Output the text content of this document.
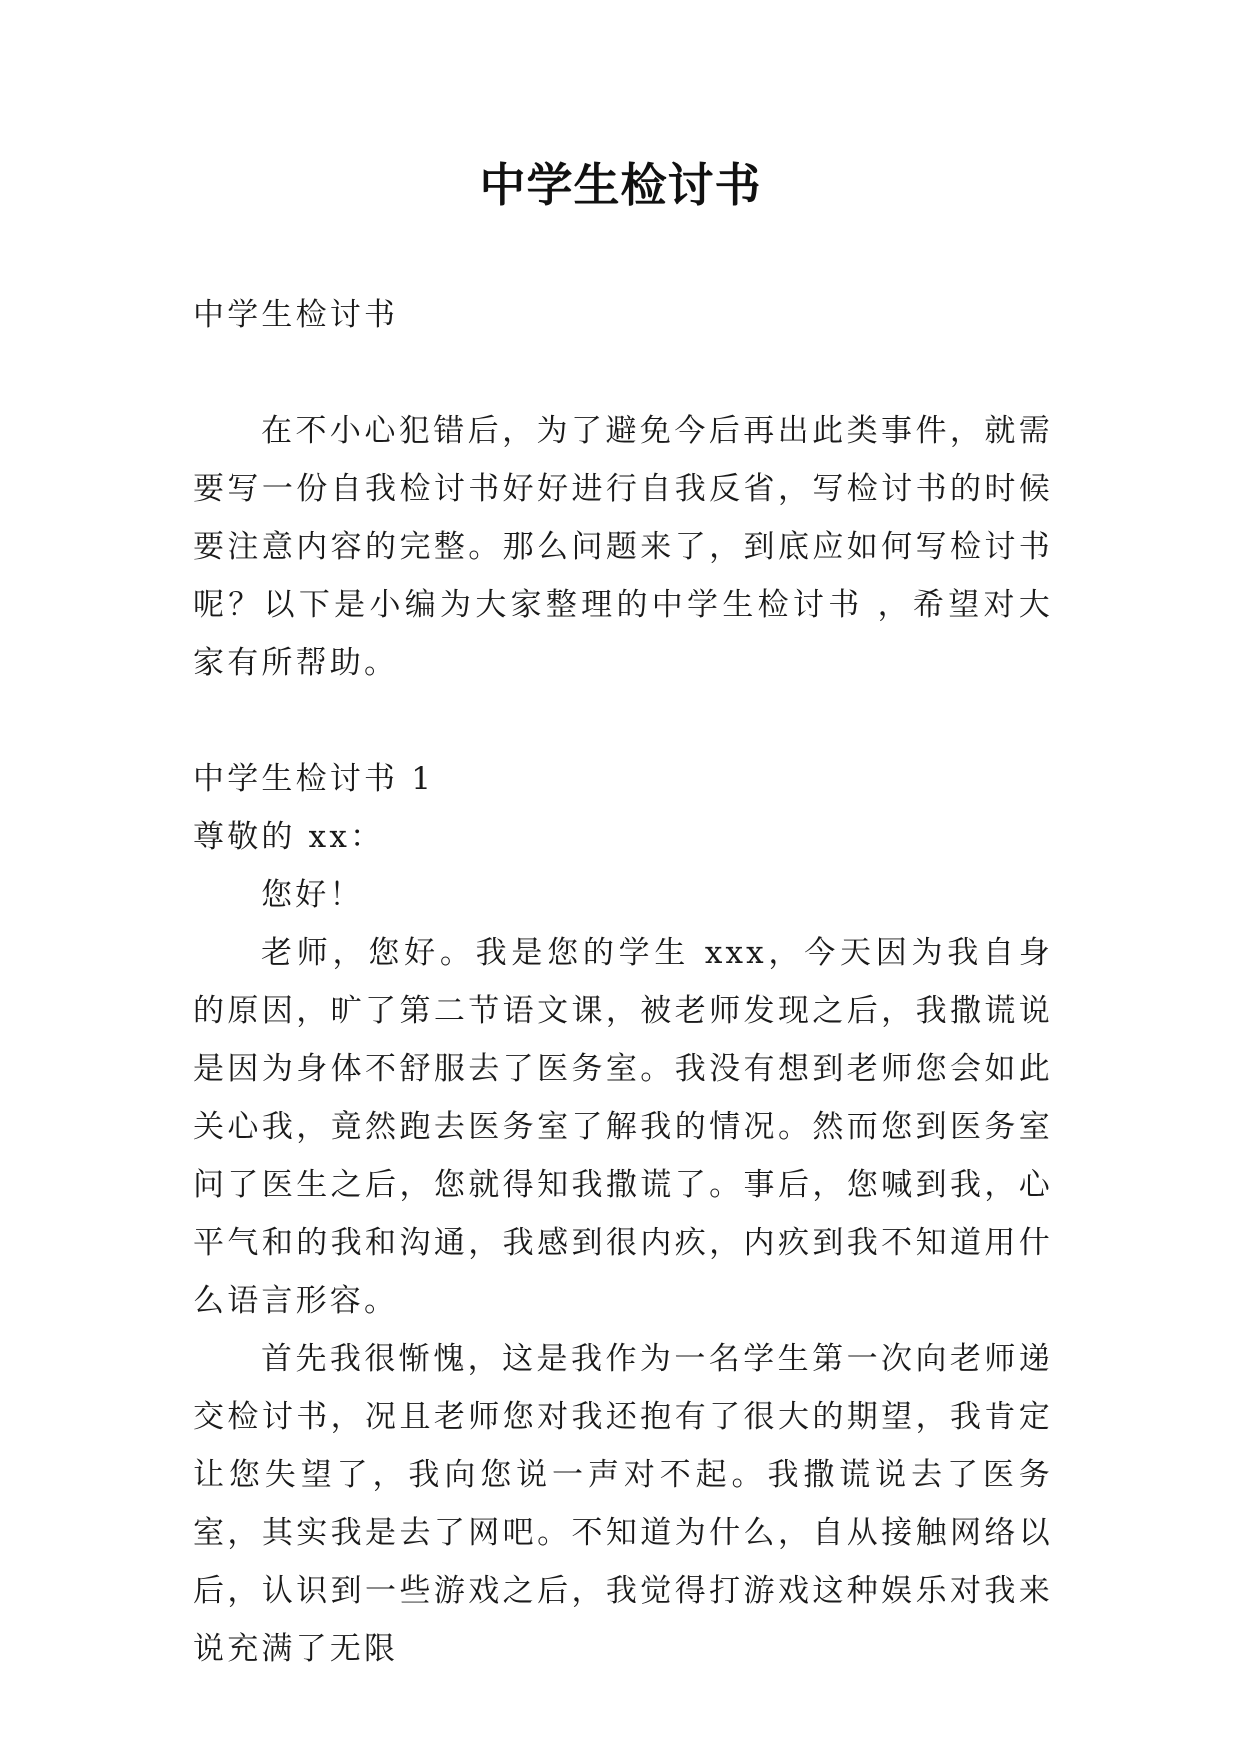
中学生检讨书

中学生检讨书

在不小心犯错后，为了避免今后再出此类事件，就需要写一份自我检讨书好好进行自我反省，写检讨书的时候要注意内容的完整。那么问题来了，到底应如何写检讨书呢？以下是小编为大家整理的中学生检讨书 ，希望对大家有所帮助。

中学生检讨书 1

尊敬的 xx：

您好！

老师，您好。我是您的学生 xxx，今天因为我自身的原因，旷了第二节语文课，被老师发现之后，我撒谎说是因为身体不舒服去了医务室。我没有想到老师您会如此关心我，竟然跑去医务室了解我的情况。然而您到医务室问了医生之后，您就得知我撒谎了。事后，您喊到我，心平气和的我和沟通，我感到很内疚，内疚到我不知道用什么语言形容。

首先我很惭愧，这是我作为一名学生第一次向老师递交检讨书，况且老师您对我还抱有了很大的期望，我肯定让您失望了，我向您说一声对不起。我撒谎说去了医务室，其实我是去了网吧。不知道为什么，自从接触网络以后，认识到一些游戏之后，我觉得打游戏这种娱乐对我来说充满了无限
